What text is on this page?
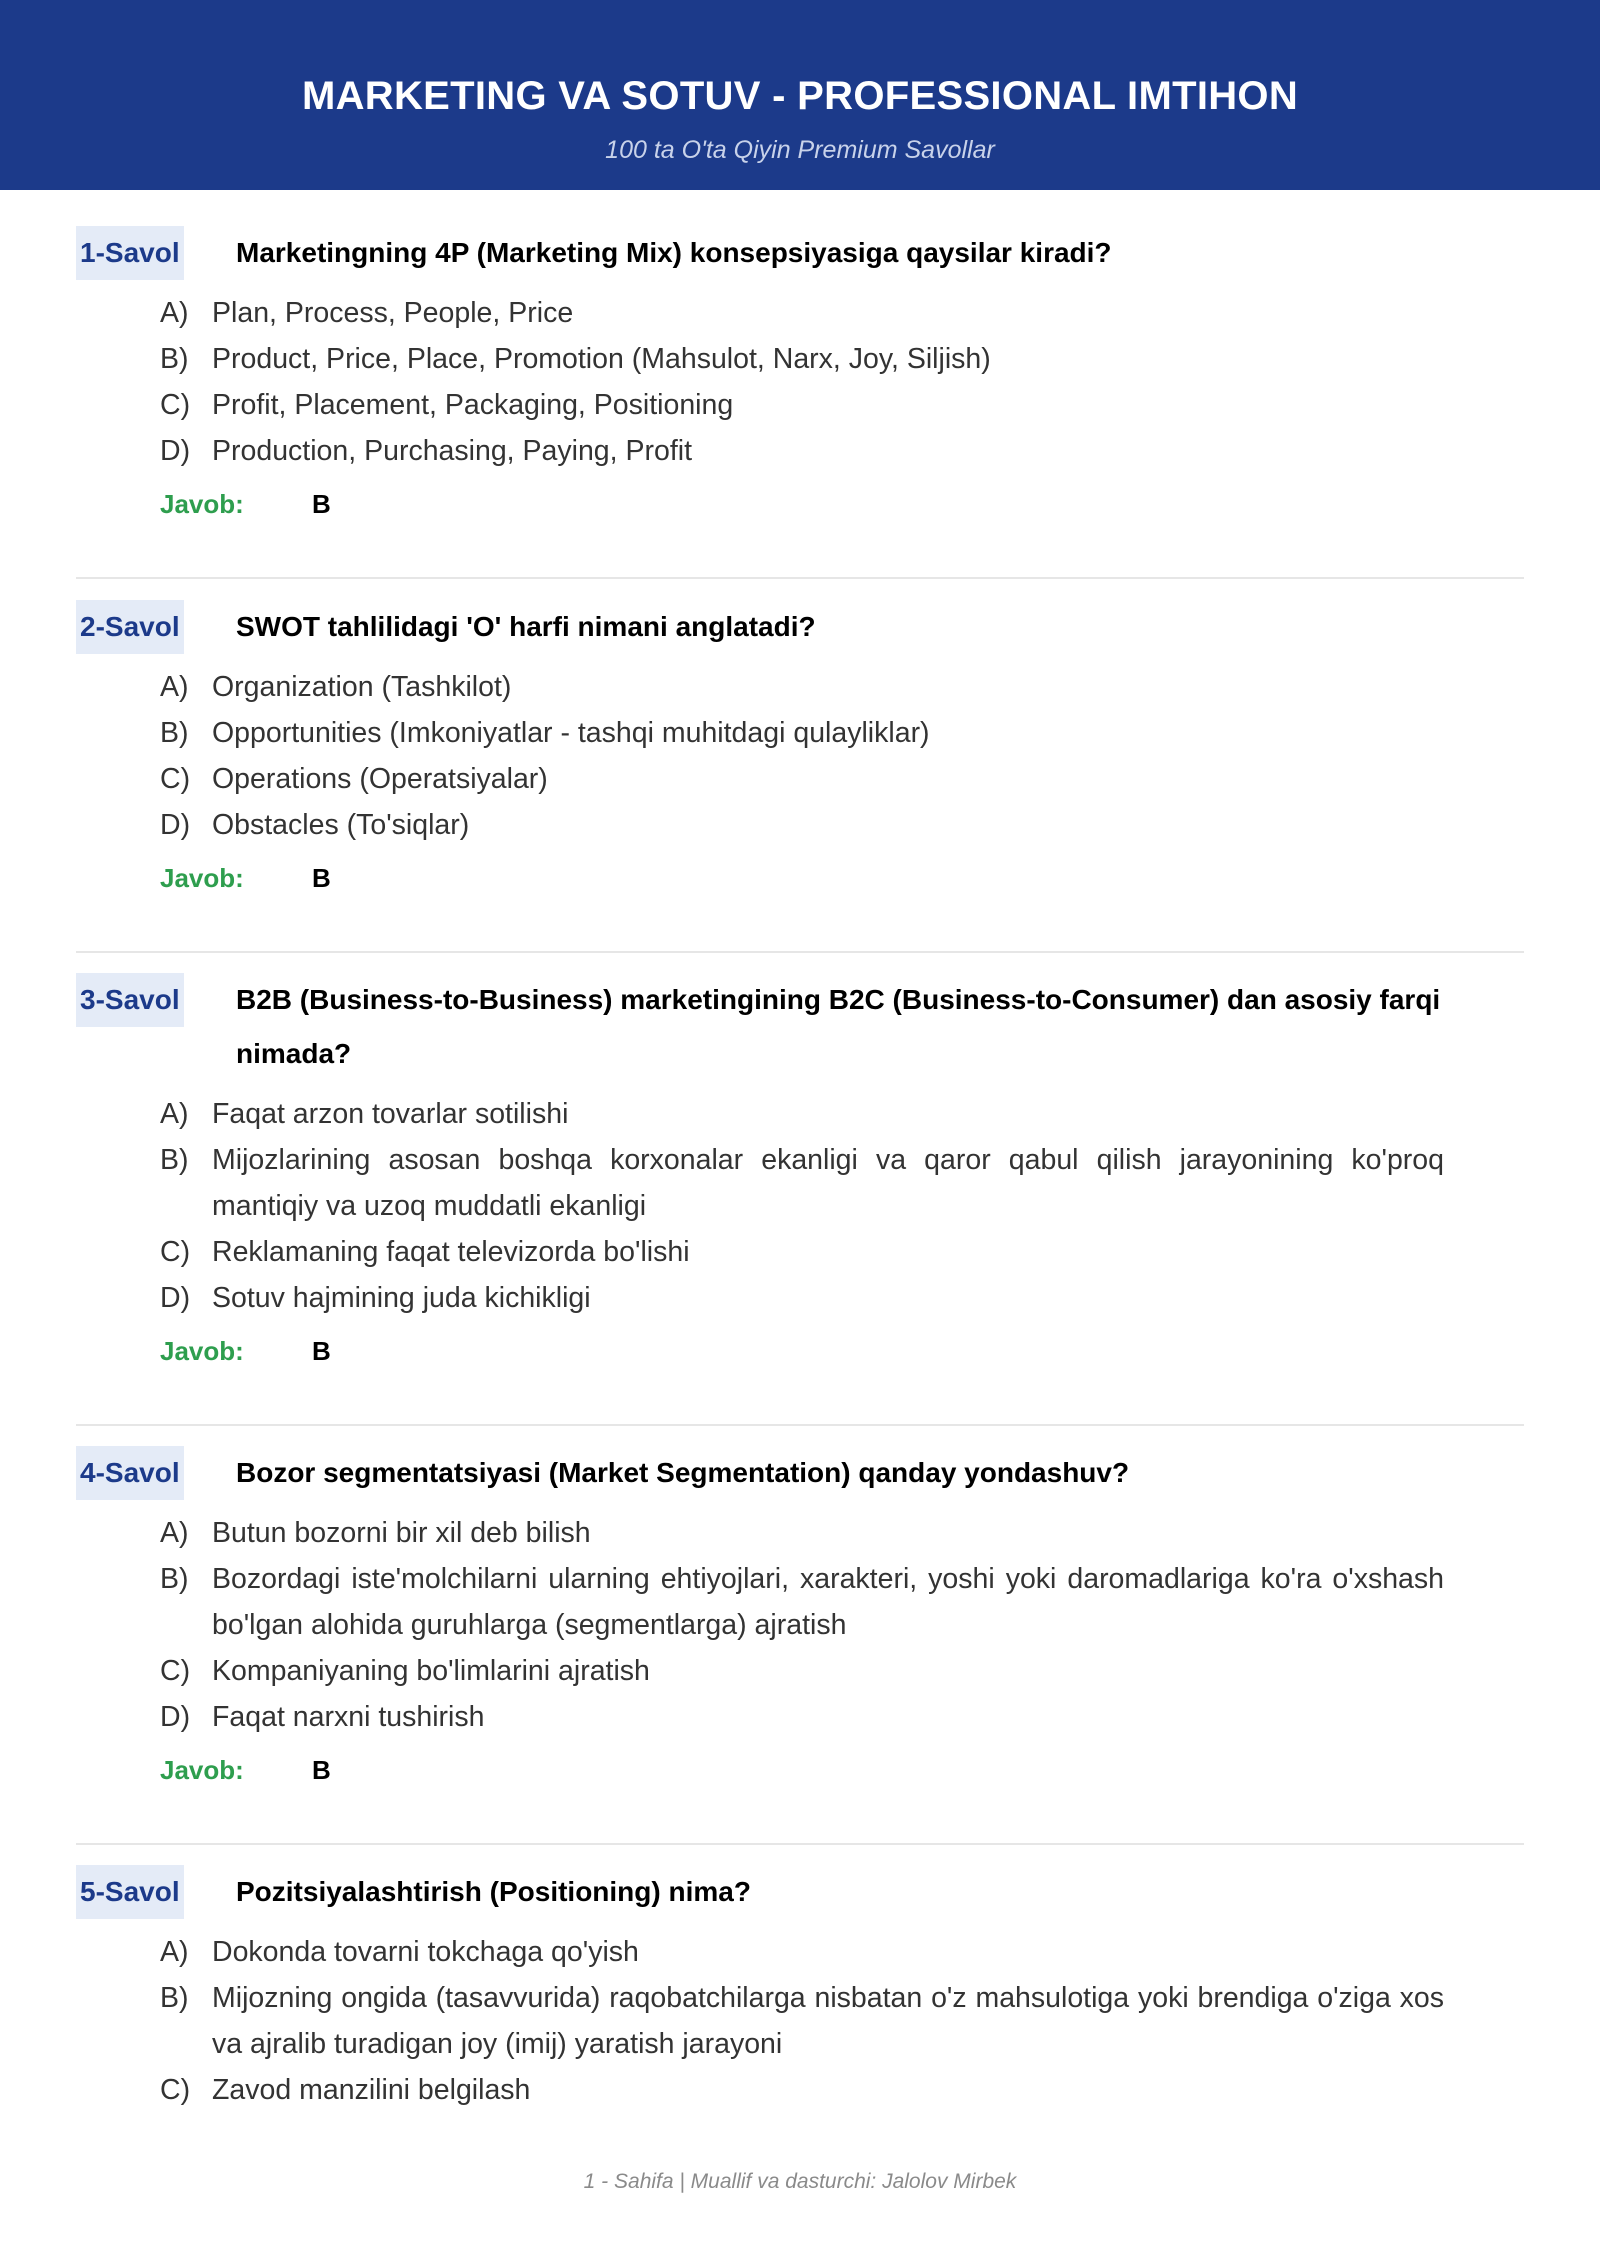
MARKETING VA SOTUV - PROFESSIONAL IMTIHON
100 ta O'ta Qiyin Premium Savollar
1-Savol Marketingning 4P (Marketing Mix) konsepsiyasiga qaysilar kiradi?
A) Plan, Process, People, Price
B) Product, Price, Place, Promotion (Mahsulot, Narx, Joy, Siljish)
C) Profit, Placement, Packaging, Positioning
D) Production, Purchasing, Paying, Profit
Javob:	B
2-Savol SWOT tahlilidagi 'O' harfi nimani anglatadi?
A) Organization (Tashkilot)
B) Opportunities (Imkoniyatlar - tashqi muhitdagi qulayliklar)
C) Operations (Operatsiyalar)
D) Obstacles (To'siqlar)
Javob:	B
3-Savol B2B (Business-to-Business) marketingining B2C (Business-to-Consumer) dan asosiy farqi nimada?
A) Faqat arzon tovarlar sotilishi
B) Mijozlarining asosan boshqa korxonalar ekanligi va qaror qabul qilish jarayonining ko'proq mantiqiy va uzoq muddatli ekanligi
C) Reklamaning faqat televizorda bo'lishi
D) Sotuv hajmining juda kichikligi
Javob:	B
4-Savol Bozor segmentatsiyasi (Market Segmentation) qanday yondashuv?
A) Butun bozorni bir xil deb bilish
B) Bozordagi iste'molchilarni ularning ehtiyojlari, xarakteri, yoshi yoki daromadlariga ko'ra o'xshash bo'lgan alohida guruhlarga (segmentlarga) ajratish
C) Kompaniyaning bo'limlarini ajratish
D) Faqat narxni tushirish
Javob:	B
5-Savol Pozitsiyalashtirish (Positioning) nima?
A) Dokonda tovarni tokchaga qo'yish
B) Mijozning ongida (tasavvurida) raqobatchilarga nisbatan o'z mahsulotiga yoki brendiga o'ziga xos va ajralib turadigan joy (imij) yaratish jarayoni
C) Zavod manzilini belgilash
1 - Sahifa | Muallif va dasturchi: Jalolov Mirbek
